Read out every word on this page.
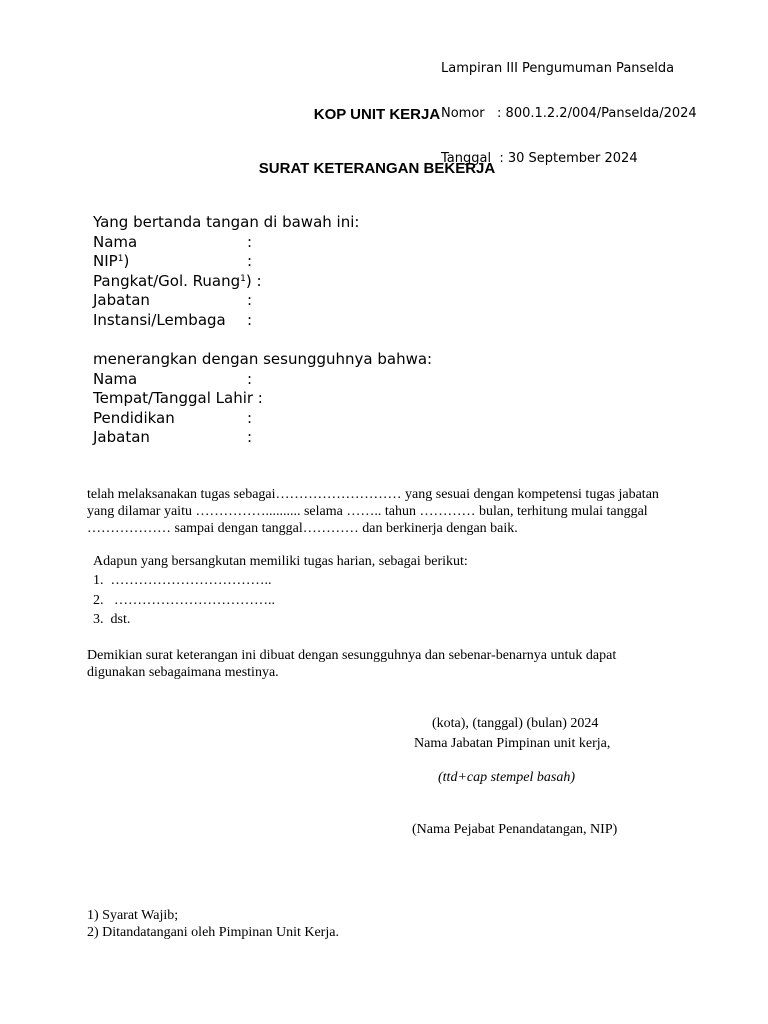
Lampiran III Pengumuman Panselda

Nomor   : 800.1.2.2/004/Panselda/2024

Tanggal  : 30 September 2024

KOP UNIT KERJA
SURAT KETERANGAN BEKERJA
Yang bertanda tangan di bawah ini:
Nama	:
NIP$^1$)	:
Pangkat/Gol. Ruang$^1$) :
Jabatan	:
Instansi/Lembaga :
menerangkan dengan sesungguhnya bahwa:
Nama	:
Tempat/Tanggal Lahir :
Pendidikan	:
Jabatan	:
telah melaksanakan tugas sebagai……………………… yang sesuai dengan kompetensi tugas jabatan
yang dilamar yaitu …………….......... selama …….. tahun ………… bulan, terhitung mulai tanggal
……………… sampai dengan tanggal………… dan berkinerja dengan baik.
Adapun yang bersangkutan memiliki tugas harian, sebagai berikut:
1.  ……………………………..
2.   ……………………………..
3.  dst.
Demikian surat keterangan ini dibuat dengan sesungguhnya dan sebenar-benarnya untuk dapat
digunakan sebagaimana mestinya.
(kota), (tanggal) (bulan) 2024
Nama Jabatan Pimpinan unit kerja,
(ttd+cap stempel basah)
(Nama Pejabat Penandatangan, NIP)
1) Syarat Wajib;
2) Ditandatangani oleh Pimpinan Unit Kerja.
